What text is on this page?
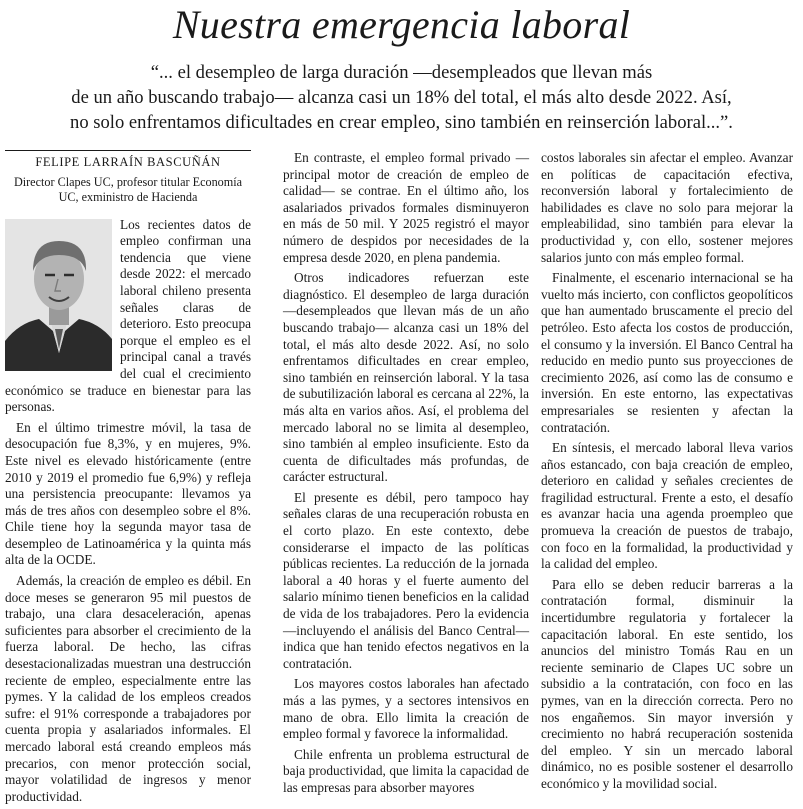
Nuestra emergencia laboral
“... el desempleo de larga duración —desempleados que llevan más
de un año buscando trabajo— alcanza casi un 18% del total, el más alto desde 2022. Así,
no solo enfrentamos dificultades en crear empleo, sino también en reinserción laboral...”.
FELIPE LARRAÍN BASCUÑÁN
Director Clapes UC, profesor titular Economía UC, exministro de Hacienda

Los recientes datos de empleo confirman una tendencia que viene desde 2022: el mercado laboral chileno presenta señales claras de deterioro. Esto preocupa porque el empleo es el principal canal a través del cual el crecimiento económico se traduce en bienestar para las personas.

En el último trimestre móvil, la tasa de desocupación fue 8,3%, y en mujeres, 9%. Este nivel es elevado históricamente (entre 2010 y 2019 el promedio fue 6,9%) y refleja una persistencia preocupante: llevamos ya más de tres años con desempleo sobre el 8%. Chile tiene hoy la segunda mayor tasa de desempleo de Latinoamérica y la quinta más alta de la OCDE.

Además, la creación de empleo es débil. En doce meses se generaron 95 mil puestos de trabajo, una clara desaceleración, apenas suficientes para absorber el crecimiento de la fuerza laboral. De hecho, las cifras desestacionalizadas muestran una destrucción reciente de empleo, especialmente entre las pymes. Y la calidad de los empleos creados sufre: el 91% corresponde a trabajadores por cuenta propia y asalariados informales. El mercado laboral está creando empleos más precarios, con menor protección social, mayor volatilidad de ingresos y menor productividad.

En contraste, el empleo formal privado —principal motor de creación de empleo de calidad— se contrae. En el último año, los asalariados privados formales disminuyeron en más de 50 mil. Y 2025 registró el mayor número de despidos por necesidades de la empresa desde 2020, en plena pandemia.

Otros indicadores refuerzan este diagnóstico. El desempleo de larga duración —desempleados que llevan más de un año buscando trabajo— alcanza casi un 18% del total, el más alto desde 2022. Así, no solo enfrentamos dificultades en crear empleo, sino también en reinserción laboral. Y la tasa de subutilización laboral es cercana al 22%, la más alta en varios años. Así, el problema del mercado laboral no se limita al desempleo, sino también al empleo insuficiente. Esto da cuenta de dificultades más profundas, de carácter estructural.

El presente es débil, pero tampoco hay señales claras de una recuperación robusta en el corto plazo. En este contexto, debe considerarse el impacto de las políticas públicas recientes. La reducción de la jornada laboral a 40 horas y el fuerte aumento del salario mínimo tienen beneficios en la calidad de vida de los trabajadores. Pero la evidencia —incluyendo el análisis del Banco Central— indica que han tenido efectos negativos en la contratación.

Los mayores costos laborales han afectado más a las pymes, y a sectores intensivos en mano de obra. Ello limita la creación de empleo formal y favorece la informalidad.

Chile enfrenta un problema estructural de baja productividad, que limita la capacidad de las empresas para absorber mayores

costos laborales sin afectar el empleo. Avanzar en políticas de capacitación efectiva, reconversión laboral y fortalecimiento de habilidades es clave no solo para mejorar la empleabilidad, sino también para elevar la productividad y, con ello, sostener mejores salarios junto con más empleo formal.

Finalmente, el escenario internacional se ha vuelto más incierto, con conflictos geopolíticos que han aumentado bruscamente el precio del petróleo. Esto afecta los costos de producción, el consumo y la inversión. El Banco Central ha reducido en medio punto sus proyecciones de crecimiento 2026, así como las de consumo e inversión. En este entorno, las expectativas empresariales se resienten y afectan la contratación.

En síntesis, el mercado laboral lleva varios años estancado, con baja creación de empleo, deterioro en calidad y señales crecientes de fragilidad estructural. Frente a esto, el desafío es avanzar hacia una agenda proempleo que promueva la creación de puestos de trabajo, con foco en la formalidad, la productividad y la calidad del empleo.

Para ello se deben reducir barreras a la contratación formal, disminuir la incertidumbre regulatoria y fortalecer la capacitación laboral. En este sentido, los anuncios del ministro Tomás Rau en un reciente seminario de Clapes UC sobre un subsidio a la contratación, con foco en las pymes, van en la dirección correcta. Pero no nos engañemos. Sin mayor inversión y crecimiento no habrá recuperación sostenida del empleo. Y sin un mercado laboral dinámico, no es posible sostener el desarrollo económico y la movilidad social.
